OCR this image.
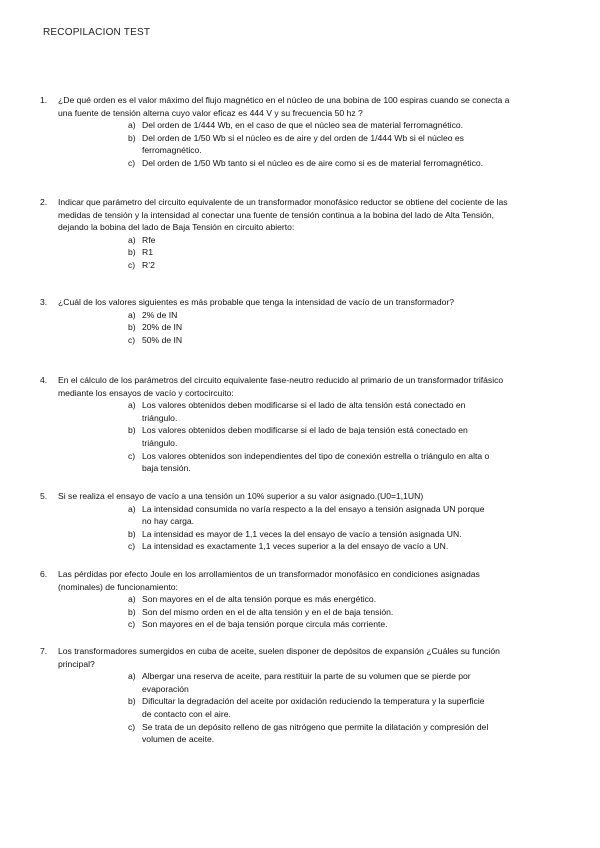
RECOPILACION TEST
1.	¿De qué orden es el valor máximo del flujo magnético en el núcleo de una bobina de 100 espiras cuando se conecta a una fuente de tensión alterna cuyo valor eficaz es 444 V y su frecuencia 50 hz ?
a) Del orden de 1/444 Wb, en el caso de que el núcleo sea de material ferromagnético.
b) Del orden de 1/50 Wb si el núcleo es de aire y del orden de 1/444 Wb si el núcleo es ferromagnético.
c) Del orden de 1/50 Wb tanto si el núcleo es de aire como si es de material ferromagnético.
2.	Indicar que parámetro del circuito equivalente de un transformador monofásico reductor se obtiene del cociente de las medidas de tensión y la intensidad al conectar una fuente de tensión continua a la bobina del lado de Alta Tensión, dejando la bobina del lado de Baja Tensión en circuito abierto:
a) Rfe
b) R1
c) R’2
3.	¿Cuál de los valores siguientes es más probable que tenga la intensidad de vacío de un transformador?
a) 2% de IN
b) 20% de IN
c) 50% de IN
4.	En el cálculo de los parámetros del circuito equivalente fase-neutro reducido al primario de un transformador trifásico mediante los ensayos de vacío y cortocircuito:
a) Los valores obtenidos deben modificarse si el lado de alta tensión está conectado en triángulo.
b) Los valores obtenidos deben modificarse si el lado de baja tensión está conectado en triángulo.
c) Los valores obtenidos son independientes del tipo de conexión estrella o triángulo en alta o baja tensión.
5.	Si se realiza el ensayo de vacío a una tensión un 10% superior a su valor asignado.(U0=1,1UN)
a) La intensidad consumida no varía respecto a la del ensayo a tensión asignada UN porque no hay carga.
b) La intensidad es mayor de 1,1 veces la del ensayo de vacío a tensión asignada UN.
c) La intensidad es exactamente 1,1 veces superior a la del ensayo de vacío a UN.
6.	Las pérdidas por efecto Joule en los arrollamientos de un transformador monofásico en condiciones asignadas (nominales) de funcionamiento:
a) Son mayores en el de alta tensión porque es más energético.
b) Son del mismo orden en el de alta tensión y en el de baja tensión.
c) Son mayores en el de baja tensión porque circula más corriente.
7.	Los transformadores sumergidos en cuba de aceite, suelen disponer de depósitos de expansión ¿Cuáles su función principal?
a) Albergar una reserva de aceite, para restituir la parte de su volumen que se pierde por evaporación
b) Dificultar la degradación del aceite por oxidación reduciendo la temperatura y la superficie de contacto con el aire.
c) Se trata de un depósito relleno de gas nitrógeno que permite la dilatación y compresión del volumen de aceite.
